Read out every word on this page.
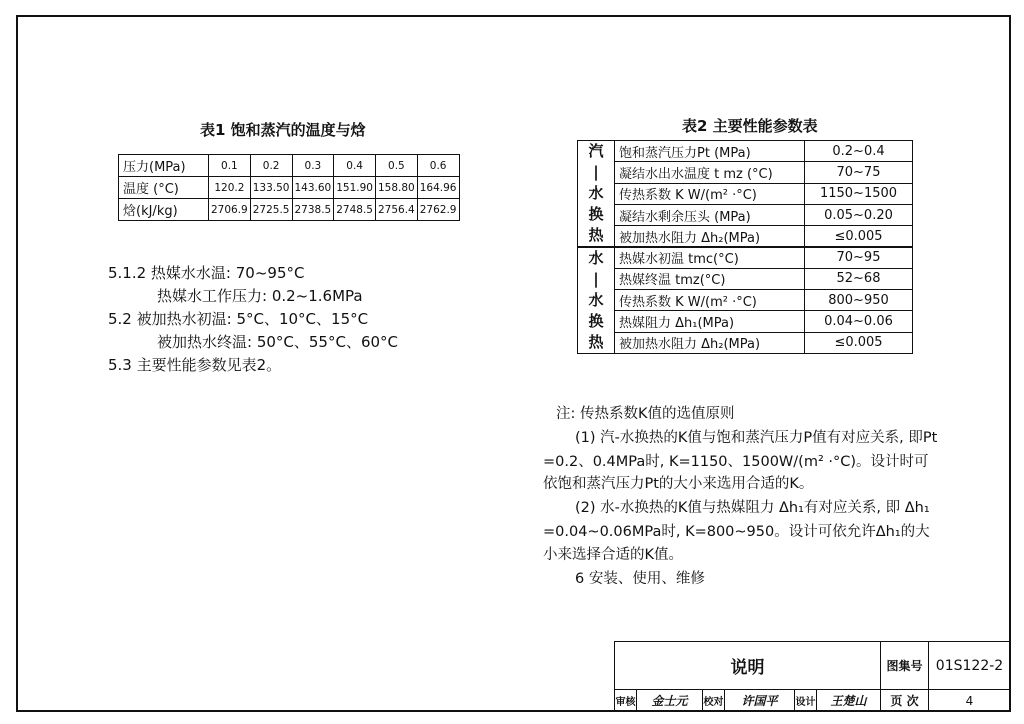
表1 饱和蒸汽的温度与焓
压力(MPa)	0.1	0.2	0.3	0.4	0.5	0.6
温度 (°C)	120.2	133.50	143.60	151.90	158.80	164.96
焓(kJ/kg)	2706.9	2725.5	2738.5	2748.5	2756.4	2762.9
5.1.2 热媒水水温: 70~95°C
热媒水工作压力: 0.2~1.6MPa
5.2 被加热水初温: 5°C、10°C、15°C
被加热水终温: 50°C、55°C、60°C
5.3 主要性能参数见表2。
表2 主要性能参数表
汽
|
水
换
热	饱和蒸汽压力Pt (MPa)	0.2~0.4
	凝结水出水温度 t mz (°C)	70~75
	传热系数 K W/(m² ·°C)	1150~1500
	凝结水剩余压头 (MPa)	0.05~0.20
	被加热水阻力 Δh₂(MPa)	≤0.005

水
|
水
换
热	热媒水初温 tmc(°C)	70~95
	热媒终温 tmz(°C)	52~68
	传热系数 K W/(m² ·°C)	800~950
	热媒阻力 Δh₁(MPa)	0.04~0.06
	被加热水阻力 Δh₂(MPa)	≤0.005
注: 传热系数K值的选值原则
(1) 汽-水换热的K值与饱和蒸汽压力P值有对应关系, 即Pt
=0.2、0.4MPa时, K=1150、1500W/(m² ·°C)。设计时可
依饱和蒸汽压力Pt的大小来选用合适的K。
(2) 水-水换热的K值与热媒阻力 Δh₁有对应关系, 即 Δh₁
=0.04~0.06MPa时, K=800~950。设计可依允许Δh₁的大
小来选择合适的K值。
6 安装、使用、维修
说明						图集号	01S122-2
审核	金士元	校对	许国平	设计	王楚山	页 次	4
